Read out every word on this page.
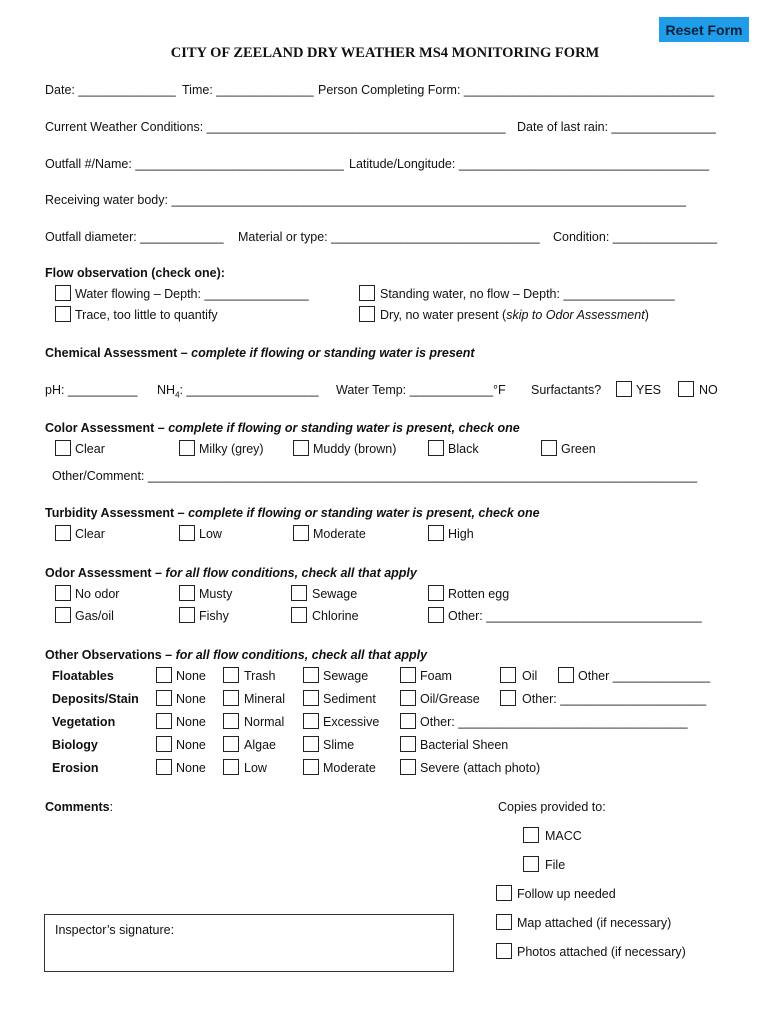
Reset Form
CITY OF ZEELAND DRY WEATHER MS4 MONITORING FORM
Date: ______________ Time: ______________ Person Completing Form: ____________________________________
Current Weather Conditions: ___________________________________________ Date of last rain: _______________
Outfall #/Name: ______________________________ Latitude/Longitude: ____________________________________
Receiving water body: __________________________________________________________________________
Outfall diameter: ____________ Material or type: ______________________________ Condition: _______________
Flow observation (check one):
Water flowing – Depth: _______________	Standing water, no flow – Depth: ________________
Trace, too little to quantify	Dry, no water present (skip to Odor Assessment)
Chemical Assessment – complete if flowing or standing water is present
pH: __________ $NH_4$: ___________________ Water Temp: ____________°F Surfactants?	YES	NO
Color Assessment – complete if flowing or standing water is present, check one
Clear	Milky (grey)	Muddy (brown)	Black	Green
Other/Comment: _______________________________________________________________________________
Turbidity Assessment – complete if flowing or standing water is present, check one
Clear	Low	Moderate	High
Odor Assessment – for all flow conditions, check all that apply
No odor	Musty	Sewage	Rotten egg
Gas/oil	Fishy	Chlorine	Other: _______________________________
Other Observations – for all flow conditions, check all that apply
Floatables	None	Trash	Sewage	Foam	Oil	Other ______________
Deposits/Stain	None	Mineral	Sediment	Oil/Grease	Other: _____________________
Vegetation	None	Normal	Excessive	Other: _________________________________
Biology	None	Algae	Slime	Bacterial Sheen
Erosion	None	Low	Moderate	Severe (attach photo)
Comments:	Copies provided to:
MACC
File
Follow up needed
Map attached (if necessary)
Photos attached (if necessary)
Inspector’s signature:
